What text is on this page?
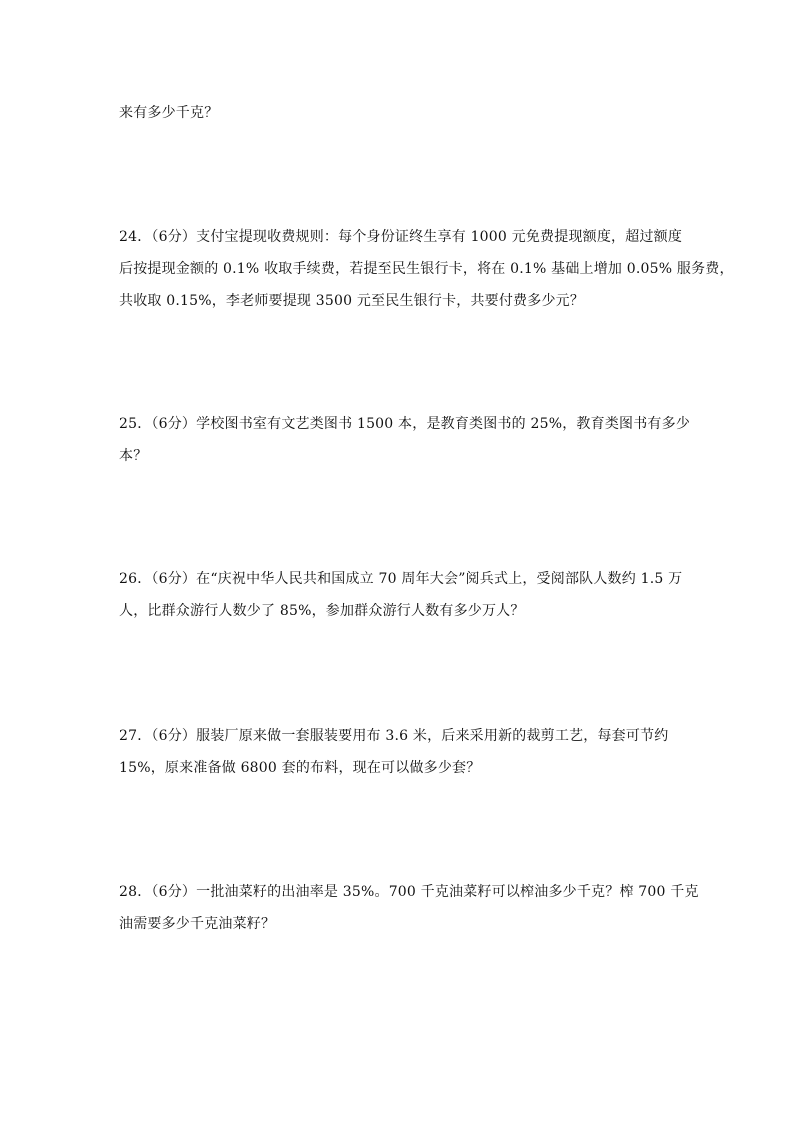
来有多少千克？
24．（6分）支付宝提现收费规则：每个身份证终生享有 1000 元免费提现额度，超过额度
后按提现金额的 0.1% 收取手续费，若提至民生银行卡，将在 0.1% 基础上增加 0.05% 服务费，
共收取 0.15%，李老师要提现 3500 元至民生银行卡，共要付费多少元？
25．（6分）学校图书室有文艺类图书 1500 本，是教育类图书的 25%，教育类图书有多少
本？
26．（6分）在“庆祝中华人民共和国成立 70 周年大会”阅兵式上，受阅部队人数约 1.5 万
人，比群众游行人数少了 85%，参加群众游行人数有多少万人？
27．（6分）服装厂原来做一套服装要用布 3.6 米，后来采用新的裁剪工艺，每套可节约
15%，原来准备做 6800 套的布料，现在可以做多少套？
28．（6分）一批油菜籽的出油率是 35%。700 千克油菜籽可以榨油多少千克？榨 700 千克
油需要多少千克油菜籽？
